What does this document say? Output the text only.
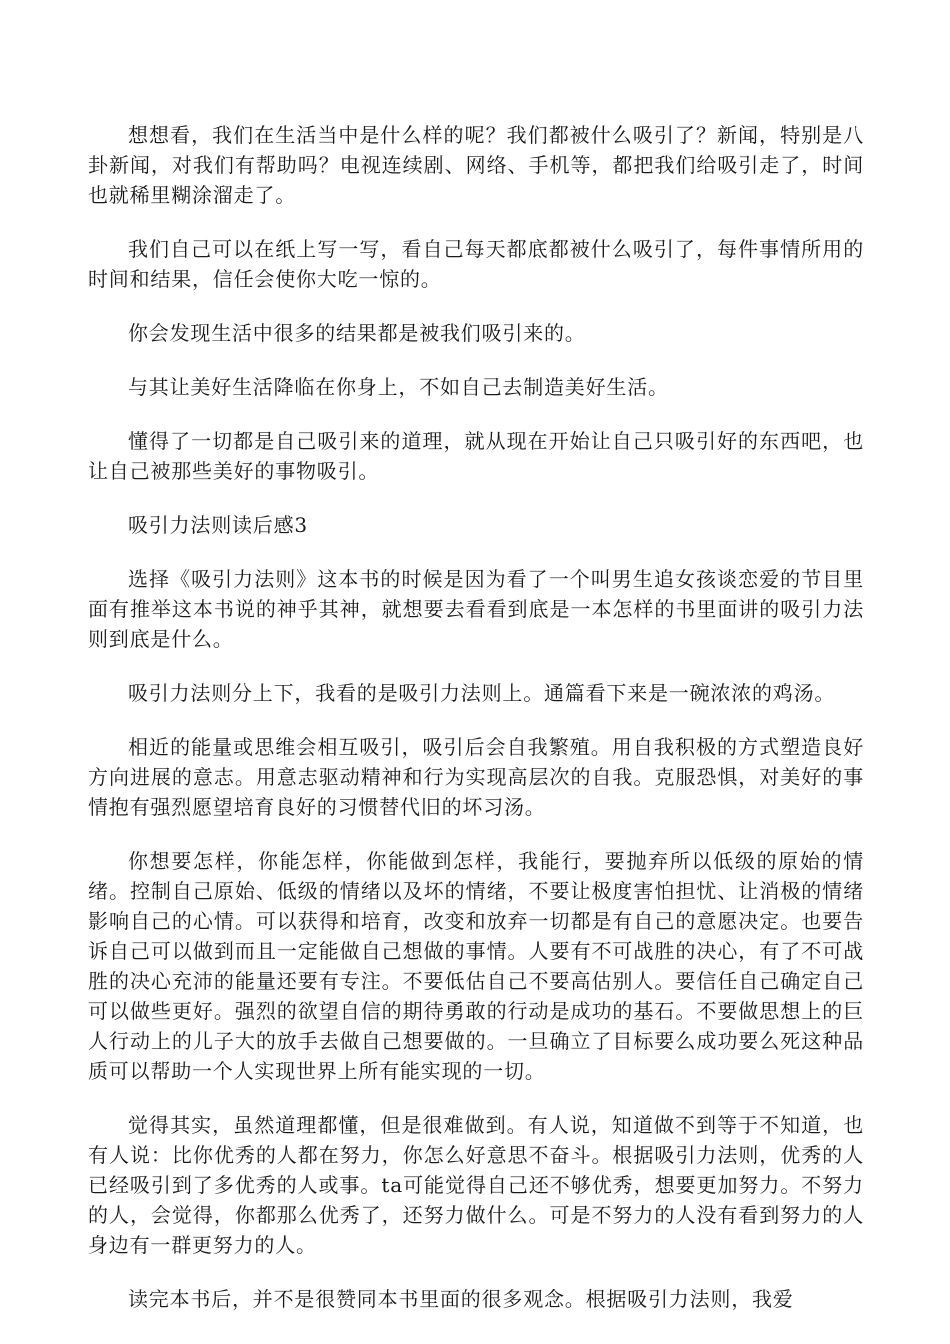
想想看，我们在生活当中是什么样的呢？我们都被什么吸引了？新闻，特别是八卦新闻，对我们有帮助吗？电视连续剧、网络、手机等，都把我们给吸引走了，时间也就稀里糊涂溜走了。

我们自己可以在纸上写一写，看自己每天都底都被什么吸引了，每件事情所用的时间和结果，信任会使你大吃一惊的。

你会发现生活中很多的结果都是被我们吸引来的。

与其让美好生活降临在你身上，不如自己去制造美好生活。

懂得了一切都是自己吸引来的道理，就从现在开始让自己只吸引好的东西吧，也让自己被那些美好的事物吸引。

吸引力法则读后感3

选择《吸引力法则》这本书的时候是因为看了一个叫男生追女孩谈恋爱的节目里面有推举这本书说的神乎其神，就想要去看看到底是一本怎样的书里面讲的吸引力法则到底是什么。

吸引力法则分上下，我看的是吸引力法则上。通篇看下来是一碗浓浓的鸡汤。

相近的能量或思维会相互吸引，吸引后会自我繁殖。用自我积极的方式塑造良好方向进展的意志。用意志驱动精神和行为实现高层次的自我。克服恐惧，对美好的事情抱有强烈愿望培育良好的习惯替代旧的坏习汤。

你想要怎样，你能怎样，你能做到怎样，我能行，要抛弃所以低级的原始的情绪。控制自己原始、低级的情绪以及坏的情绪，不要让极度害怕担忧、让消极的情绪影响自己的心情。可以获得和培育，改变和放弃一切都是有自己的意愿决定。也要告诉自己可以做到而且一定能做自己想做的事情。人要有不可战胜的决心，有了不可战胜的决心充沛的能量还要有专注。不要低估自己不要高估别人。要信任自己确定自己可以做些更好。强烈的欲望自信的期待勇敢的行动是成功的基石。不要做思想上的巨人行动上的儿子大的放手去做自己想要做的。一旦确立了目标要么成功要么死这种品质可以帮助一个人实现世界上所有能实现的一切。

觉得其实，虽然道理都懂，但是很难做到。有人说，知道做不到等于不知道，也有人说：比你优秀的人都在努力，你怎么好意思不奋斗。根据吸引力法则，优秀的人已经吸引到了多优秀的人或事。ta可能觉得自己还不够优秀，想要更加努力。不努力的人，会觉得，你都那么优秀了，还努力做什么。可是不努力的人没有看到努力的人身边有一群更努力的人。

读完本书后，并不是很赞同本书里面的很多观念。根据吸引力法则，我爱
